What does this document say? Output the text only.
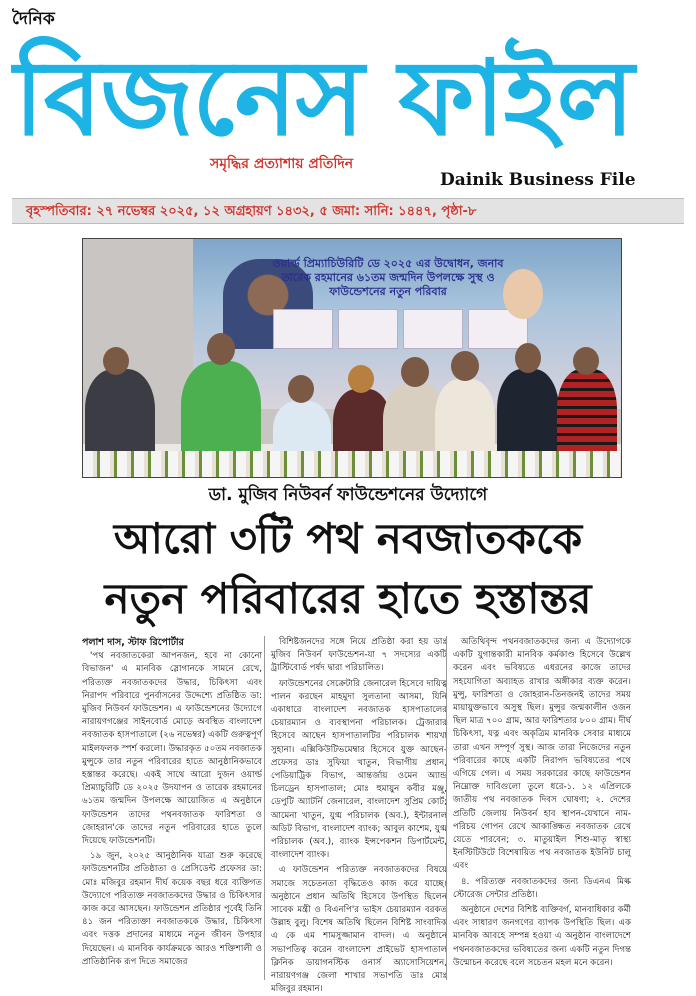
দৈনিক
বিজনেস ফাইল
সমৃদ্ধির প্রত্যাশায় প্রতিদিন
Dainik Business File
বৃহস্পতিবার: ২৭ নভেম্বর ২০২৫, ১২ অগ্রহায়ণ ১৪৩২, ৫ জমা: সানি: ১৪৪৭, পৃষ্ঠা-৮
ওয়ার্ল্ড প্রিম্যাচিউরিটি ডে ২০২৫ এর উদ্বোধন, জনাব তারেক রহমানের ৬১তম জন্মদিন উপলক্ষে সুস্থ ও ফাউন্ডেশনের নতুন পরিবার
ডা. মুজিব নিউবর্ন ফাউন্ডেশনের উদ্যোগে
আরো ৩টি পথ নবজাতককে
নতুন পরিবারের হাতে হস্তান্তর
পলাশ দাস, স্টাফ রিপোর্টার

'পথ নবজাতকেরা আপনজন, হবে না কোনো বিভাজন' এ মানবিক স্লোগানকে সামনে রেখে, পরিত্যক্ত নবজাতকদের উদ্ধার, চিকিৎসা এবং নিরাপদ পরিবারে পুনর্বাসনের উদ্দেশ্যে প্রতিষ্ঠিত ডা: মুজিব নিউবর্ন ফাউন্ডেশন। এ ফাউন্ডেশনের উদ্যোগে নারায়ণগঞ্জের সাইনবোর্ড মোড়ে অবস্থিত বাংলাদেশ নবজাতক হাসপাতালে (২৬ নভেম্বর) একটি গুরুত্বপূর্ণ মাইলফলক স্পর্শ করলো। উদ্ধারকৃত ৫০তম নবজাতক মুন্সুকে তার নতুন পরিবারের হাতে আনুষ্ঠানিকভাবে হস্তান্তর করেছে। একই সাথে আরো দুজন ওয়ার্ল্ড প্রিম্যাচুরিটি ডে ২০২৫ উদযাপন ও তারেক রহমানের ৬১তম জন্মদিন উপলক্ষে আয়োজিত এ অনুষ্ঠানে ফাউন্ডেশন তাদের পথনবজাতক ফারিশতা ও জোহরান'কে তাদের নতুন পরিবারের হাতে তুলে দিয়েছে ফাউন্ডেশনটি।

১৯ জুন, ২০২৫ আনুষ্ঠানিক যাত্রা শুরু করেছে ফাউন্ডেশনটির প্রতিষ্ঠাতা ও প্রেসিডেন্ট প্রফেসর ডা: মোঃ মজিবুর রহমান দীর্ঘ কয়েক বছর ধরে ব্যক্তিগত উদ্যোগে পরিত্যক্ত নবজাতকদের উদ্ধার ও চিকিৎসার কাজ করে আসছেন। ফাউন্ডেশন প্রতিষ্ঠার পূর্বেই তিনি ৪১ জন পরিত্যক্তা নবজাতককে উদ্ধার, চিকিৎসা এবং দত্তক প্রদানের মাধ্যমে নতুন জীবন উপহার দিয়েছেন। এ মানবিক কার্যক্রমকে আরও শক্তিশালী ও প্রাতিষ্ঠানিক রূপ দিতে সমাজের

বিশিষ্টজনদের সঙ্গে নিয়ে প্রতিষ্ঠা করা হয় ডাঃ মুজিব নিউবর্ন ফাউন্ডেশন-যা ৭ সদস্যের একটি ট্রাস্টিবোর্ড পর্ষদ দ্বারা পরিচালিত।

ফাউন্ডেশনের সেক্রেটারি জেনারেল হিসেবে দায়িত্ব পালন করছেন মাহমুদা সুলতানা আসমা, যিনি একাধারে বাংলাদেশ নবজাতক হাসপাতালের চেয়ারম্যান ও ব্যবস্থাপনা পরিচালক। ট্রেজারার হিসেবে আছেন হাসপাতালটির পরিচালক শায়খা সুহানা। এক্সিকিউটিভমেম্বার হিসেবে যুক্ত আছেন-প্রফেসর ডাঃ সুফিয়া খাতুন, বিভাগীয় প্রধান, পেডিয়াট্রিক বিভাগ, আন্তর্জায় ওমেন অ্যান্ড চিলড্রেন হাসপাতাল; মোঃ হুমায়ুন কবীর মঞ্জু, ডেপুটি অ্যাটর্নি জেনারেল, বাংলাদেশ সুপ্রিম কোর্ট; আমেনা খাতুন, যুগ্ম পরিচালক (অব.), ইন্টারনাল অডিট বিভাগ, বাংলাদেশ ব্যাংক; আবুল কাশেম, যুগ্ম পরিচালক (অব.), ব্যাংক ইন্সপেকশন ডিপার্টমেন্ট, বাংলাদেশ ব্যাংক।

এ ফাউন্ডেশন পরিত্যক্ত নবজাতকদের বিষয়ে সমাজে সচেতনতা বৃদ্ধিতেও কাজ করে যাচ্ছে। অনুষ্ঠানে প্রধান অতিথি হিসেবে উপস্থিত ছিলেন সাবেক মন্ত্রী ও বিএনপি'র ভাইস চেয়ারম্যান বরকত উল্লাহ বুলু। বিশেষ অতিথি ছিলেন বিশিষ্ট সাংবাদিক এ কে এম শামসুজ্জামান বাদল। এ অনুষ্ঠানে সভাপতিত্ব করেন বাংলাদেশ প্রাইভেট হাসপাতাল ক্লিনিক ডায়াগনস্টিক ওনার্স অ্যাসোসিয়েশন, নারায়ণগঞ্জ জেলা শাখার সভাপতি ডাঃ মোঃ মজিবুর রহমান।

অতিথিবৃন্দ পথনবজাতকদের জন্য এ উদ্যোগকে একটি যুগান্তকারী মানবিক কর্মকাণ্ড হিসেবে উল্লেখ করেন এবং ভবিষ্যতে এধরনের কাজে তাদের সহযোগিতা অব্যাহত রাখার অঙ্গীকার ব্যক্ত করেন। মুন্সু, ফারিশতা ও জোহরান-তিনজনই তাদের সময় মায়ায়ুক্তভাবে অসুস্থ ছিল। মুন্সুর জন্মকালীন ওজন ছিল মাত্র ৭০০ গ্রাম, আর ফারিশতার ৮০০ গ্রাম। দীর্ঘ চিকিৎসা, যত্ন এবং অকৃত্রিম মানবিক সেবার মাধ্যমে তারা এখন সম্পূর্ণ সুস্থ। আজ তারা নিজেদের নতুন পরিবারের কাছে একটি নিরাপদ ভবিষ্যতের পথে এগিয়ে গেল। এ সময় সরকারের কাছে ফাউন্ডেশন নিম্নোক্ত দাবিগুলো তুলে ধরে-১. ১২ এপ্রিলকে জাতীয় পথ নবজাতক দিবস ঘোষণা; ২. দেশের প্রতিটি জেলায় নিউবর্ন হাব স্থাপন-যেখানে নাম-পরিচয় গোপন রেখে আকাঙ্ক্ষিত নবজাতক রেখে যেতে পারবেন; ৩. মাতুয়াইল শিশু-মাতৃ স্বাস্থ্য ইনস্টিটিউটে বিশেষায়িত পথ নবজাতক ইউনিট চালু এবং

৪. পরিত্যক্ত নবজাতকদের জন্য ডিএনএ মিল্ক স্টোরেজ সেন্টার প্রতিষ্ঠা।

অনুষ্ঠানে দেশের বিশিষ্ট ব্যক্তিবর্গ, মানবাধিকার কর্মী এবং সাধারণ জনগণের ব্যাপক উপস্থিতি ছিল। এক মানবিক আবহে সম্পন্ন হওয়া এ অনুষ্ঠান বাংলাদেশে পথনবজাতকদের ভবিষ্যতের জন্য একটি নতুন দিগন্ত উন্মোচন করেছে বলে সচেতন মহল মনে করেন।
